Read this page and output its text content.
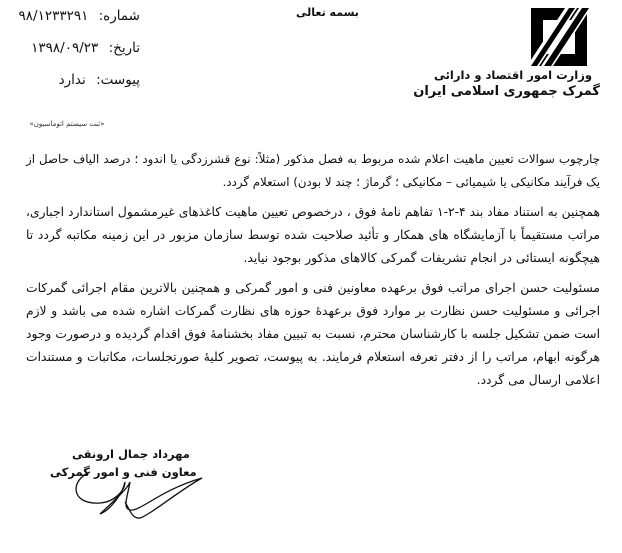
وزارت امور اقتصاد و دارائی
گمرک جمهوری اسلامی ایران
بسمه تعالی
شماره: ۹۸/۱۲۳۳۲۹۱
تاریخ: ۱۳۹۸/۰۹/۲۳
پیوست: ندارد
«ثبت سیستم اتوماسیون»
چارچوب سوالات تعیین ماهیت اعلام شده مربوط به فصل مذکور (مثلاً: نوع قشرزدگی یا اندود ؛ درصد الیاف حاصل از یک فرآیند مکانیکی یا شیمیائی – مکانیکی ؛ گرماژ ؛ چند لا بودن) استعلام گردد.
همچنین به استناد مفاد بند ۴-۲-۱ تفاهم نامهٔ فوق ، درخصوص تعیین ماهیت کاغذهای غیرمشمول استاندارد اجباری، مراتب مستقیماً با آزمایشگاه های همکار و تأئید صلاحیت شده توسط سازمان مزبور در این زمینه مکاتبه گردد تا هیچگونه ایستائی در انجام تشریفات گمرکی کالاهای مذکور بوجود نیاید.
مسئولیت حسن اجرای مراتب فوق برعهده معاونین فنی و امور گمرکی و همچنین بالاترین مقام اجرائی گمرکات اجرائی و مسئولیت حسن نظارت بر موارد فوق برعهدهٔ حوزه های نظارت گمرکات اشاره شده می باشد و لازم است ضمن تشکیل جلسه با کارشناسان محترم، نسبت به تبیین مفاد بخشنامهٔ فوق اقدام گردیده و درصورت وجود هرگونه ابهام، مراتب را از دفتر تعرفه استعلام فرمایند. به پیوست، تصویر کلیهٔ صورتجلسات، مکاتبات و مستندات اعلامی ارسال می گردد.
مهرداد جمال ارونقی
معاون فنی و امور گمرکی
